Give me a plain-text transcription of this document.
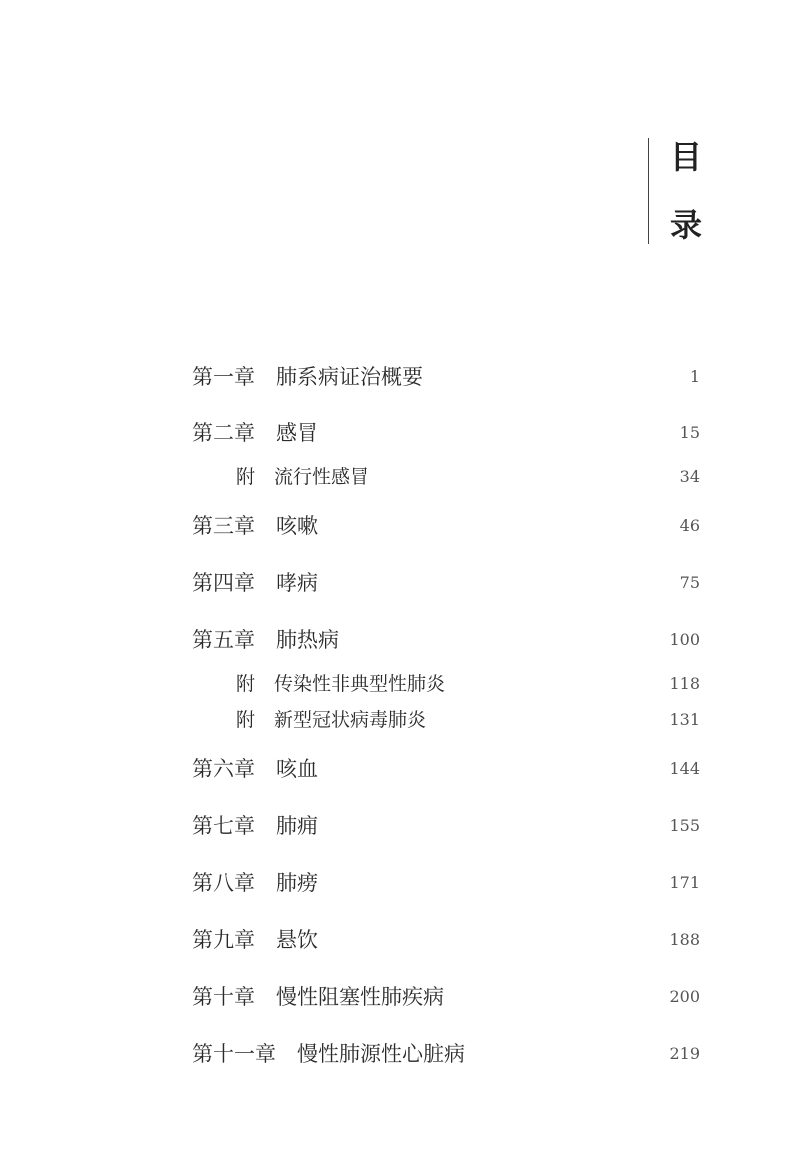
目
录
第一章 肺系病证治概要	1
第二章 感冒	15
附 流行性感冒	34
第三章 咳嗽	46
第四章 哮病	75
第五章 肺热病	100
附 传染性非典型性肺炎	118
附 新型冠状病毒肺炎	131
第六章 咳血	144
第七章 肺痈	155
第八章 肺痨	171
第九章 悬饮	188
第十章 慢性阻塞性肺疾病	200
第十一章 慢性肺源性心脏病	219
